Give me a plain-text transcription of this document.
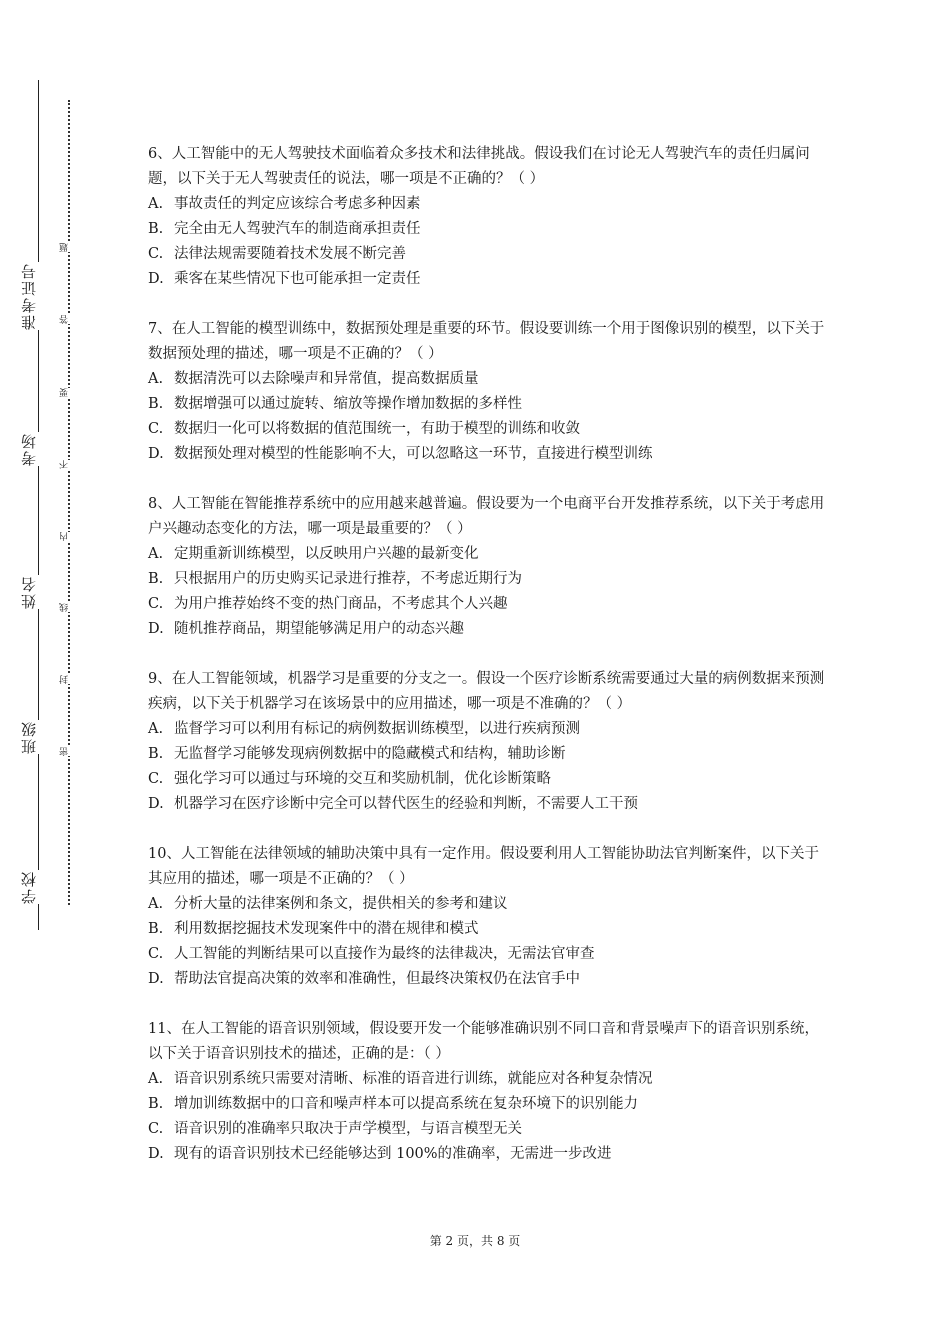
准考证号
考场
姓名
班级
学校
题
答
要
不
内
线
封
密

6、人工智能中的无人驾驶技术面临着众多技术和法律挑战。假设我们在讨论无人驾驶汽车的责任归属问题，以下关于无人驾驶责任的说法，哪一项是不正确的？（ ）

A. 事故责任的判定应该综合考虑多种因素

B. 完全由无人驾驶汽车的制造商承担责任

C. 法律法规需要随着技术发展不断完善

D. 乘客在某些情况下也可能承担一定责任

7、在人工智能的模型训练中，数据预处理是重要的环节。假设要训练一个用于图像识别的模型，以下关于数据预处理的描述，哪一项是不正确的？（ ）

A. 数据清洗可以去除噪声和异常值，提高数据质量

B. 数据增强可以通过旋转、缩放等操作增加数据的多样性

C. 数据归一化可以将数据的值范围统一，有助于模型的训练和收敛

D. 数据预处理对模型的性能影响不大，可以忽略这一环节，直接进行模型训练

8、人工智能在智能推荐系统中的应用越来越普遍。假设要为一个电商平台开发推荐系统，以下关于考虑用户兴趣动态变化的方法，哪一项是最重要的？（ ）

A. 定期重新训练模型，以反映用户兴趣的最新变化

B. 只根据用户的历史购买记录进行推荐，不考虑近期行为

C. 为用户推荐始终不变的热门商品，不考虑其个人兴趣

D. 随机推荐商品，期望能够满足用户的动态兴趣

9、在人工智能领域，机器学习是重要的分支之一。假设一个医疗诊断系统需要通过大量的病例数据来预测疾病，以下关于机器学习在该场景中的应用描述，哪一项是不准确的？（ ）

A. 监督学习可以利用有标记的病例数据训练模型，以进行疾病预测

B. 无监督学习能够发现病例数据中的隐藏模式和结构，辅助诊断

C. 强化学习可以通过与环境的交互和奖励机制，优化诊断策略

D. 机器学习在医疗诊断中完全可以替代医生的经验和判断，不需要人工干预

10、人工智能在法律领域的辅助决策中具有一定作用。假设要利用人工智能协助法官判断案件，以下关于其应用的描述，哪一项是不正确的？（ ）

A. 分析大量的法律案例和条文，提供相关的参考和建议

B. 利用数据挖掘技术发现案件中的潜在规律和模式

C. 人工智能的判断结果可以直接作为最终的法律裁决，无需法官审查

D. 帮助法官提高决策的效率和准确性，但最终决策权仍在法官手中

11、在人工智能的语音识别领域，假设要开发一个能够准确识别不同口音和背景噪声下的语音识别系统，以下关于语音识别技术的描述，正确的是：（ ）

A. 语音识别系统只需要对清晰、标准的语音进行训练，就能应对各种复杂情况

B. 增加训练数据中的口音和噪声样本可以提高系统在复杂环境下的识别能力

C. 语音识别的准确率只取决于声学模型，与语言模型无关

D. 现有的语音识别技术已经能够达到 100%的准确率，无需进一步改进

第 2 页，共 8 页
